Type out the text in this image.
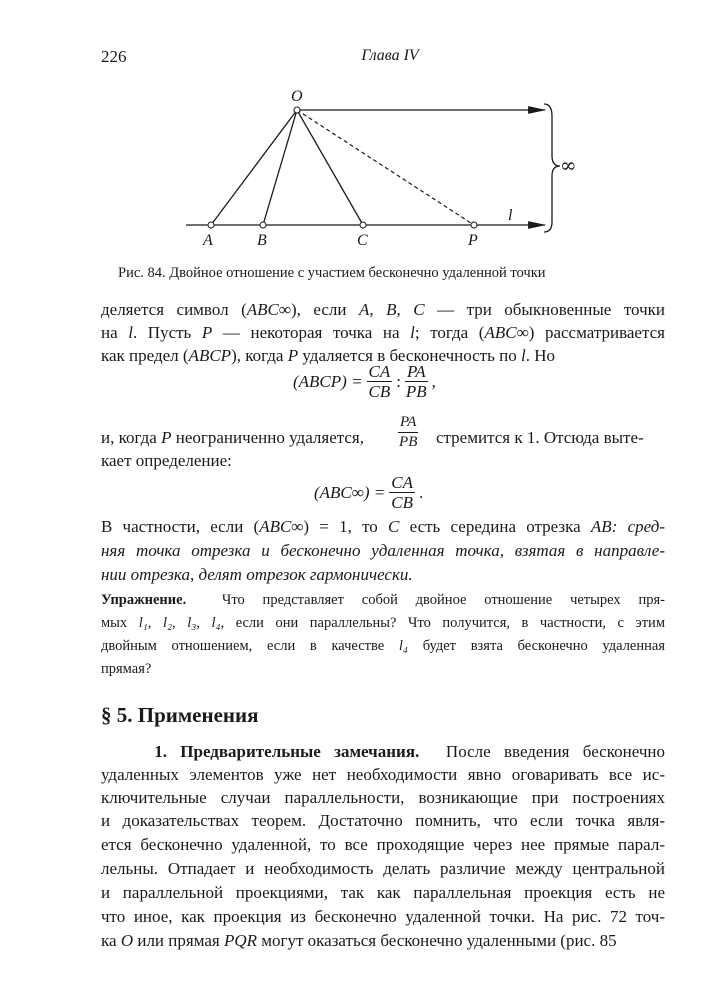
226	Глава IV
O
A	B	C	P
l
∞
Рис. 84. Двойное отношение с участием бесконечно удаленной точки
деляется символ (ABC∞), если A, B, C — три обыкновенные точки
на l. Пусть P — некоторая точка на l; тогда (ABC∞) рассматривается
как предел (ABCP), когда P удаляется в бесконечность по l. Но
(ABCP) = $\frac{CA}{CB}$ : $\frac{PA}{PB}$ ,
и, когда P неограниченно удаляется,	$\frac{PA}{PB}$ стремится к 1. Отсюда выте-
кает определение:
$(ABC\infty) = \frac{CA}{CB}$ .
В частности, если (ABC∞) = 1, то C есть середина отрезка AB: сред-
няя точка отрезка и бесконечно удаленная точка, взятая в направле-
нии отрезка, делят отрезок гармонически.
Упражнение.  Что представляет собой двойное отношение четырех пря-
мых l₁, l₂, l₃, l₄, если они параллельны? Что получится, в частности, с этим
двойным отношением, если в качестве l₄ будет взята бесконечно удаленная
прямая?
§ 5. Применения
1. Предварительные замечания.  После введения бесконечно
удаленных элементов уже нет необходимости явно оговаривать все ис-
ключительные случаи параллельности, возникающие при построениях
и доказательствах теорем. Достаточно помнить, что если точка явля-
ется бесконечно удаленной, то все проходящие через нее прямые парал-
лельны. Отпадает и необходимость делать различие между центральной
и параллельной проекциями, так как параллельная проекция есть не
что иное, как проекция из бесконечно удаленной точки. На рис. 72 точ-
ка O или прямая PQR могут оказаться бесконечно удаленными (рис. 85
